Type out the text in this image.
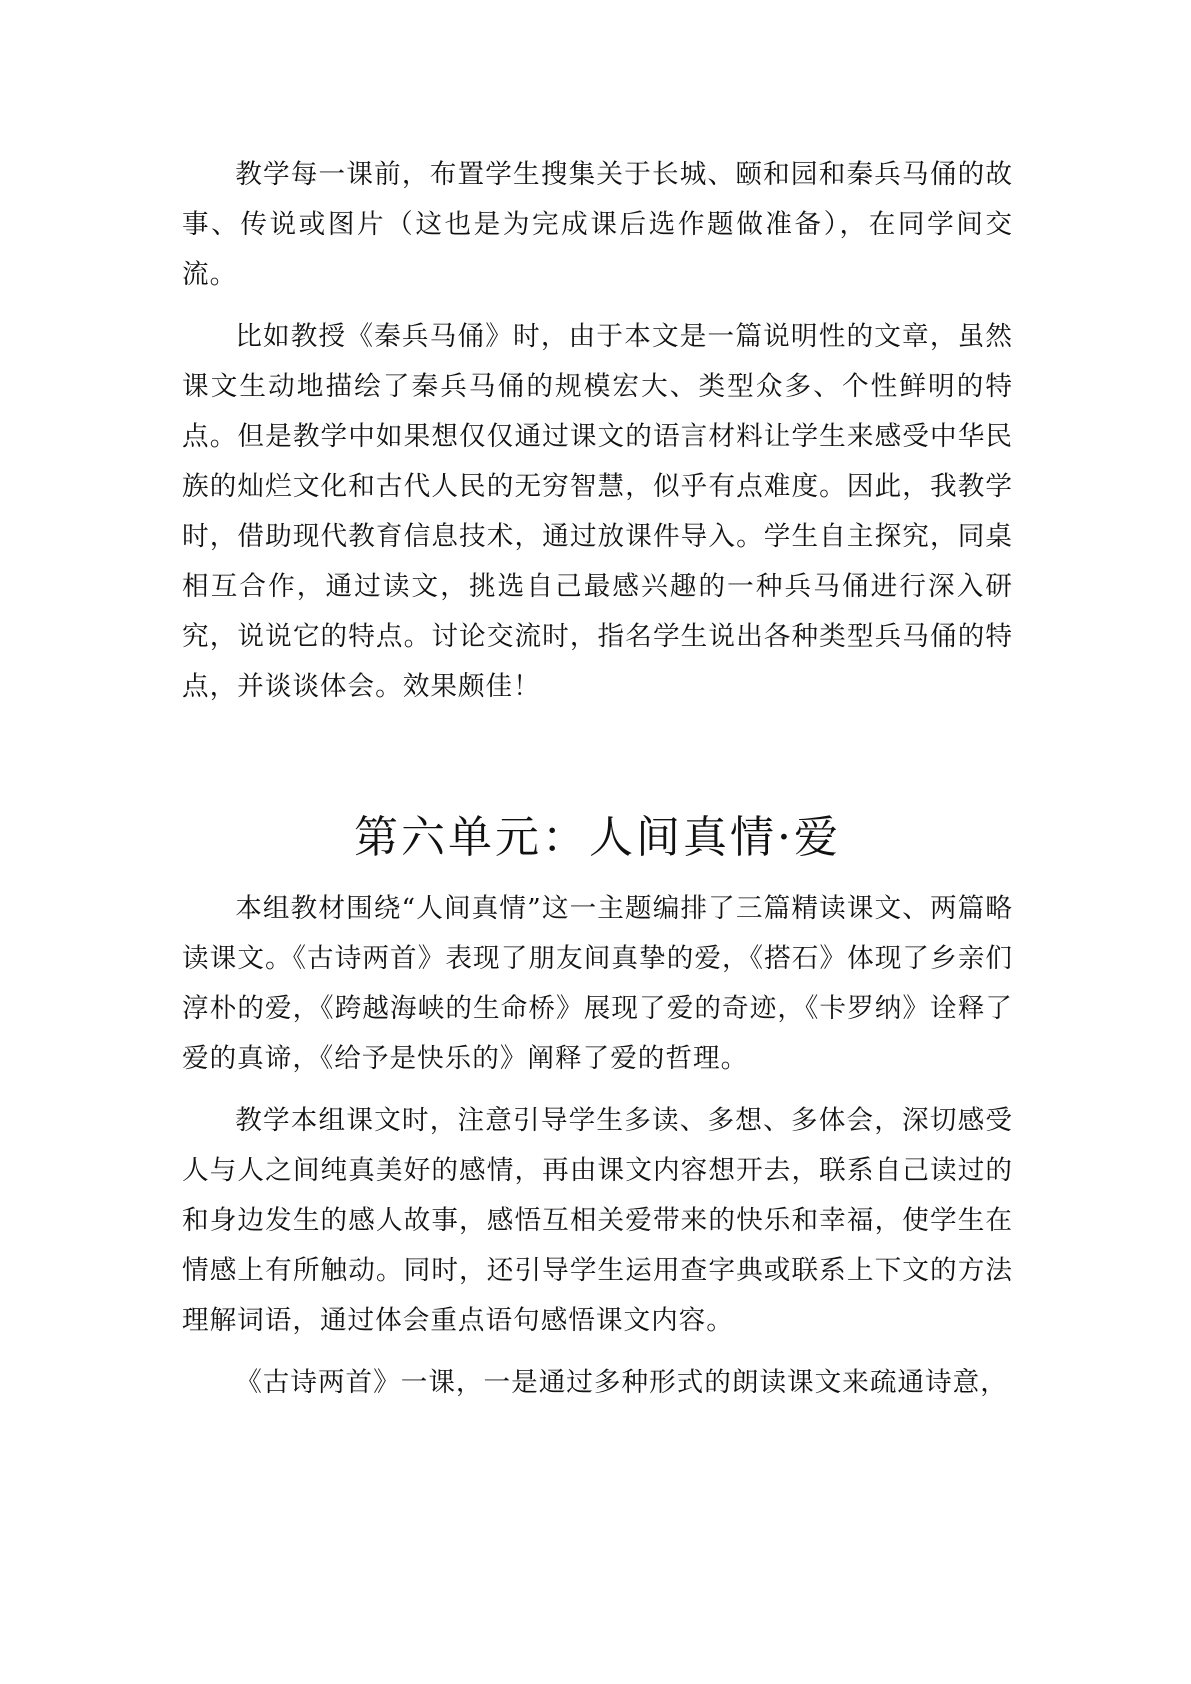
教学每一课前，布置学生搜集关于长城、颐和园和秦兵马俑的故事、传说或图片（这也是为完成课后选作题做准备），在同学间交流。

比如教授《秦兵马俑》时，由于本文是一篇说明性的文章，虽然课文生动地描绘了秦兵马俑的规模宏大、类型众多、个性鲜明的特点。但是教学中如果想仅仅通过课文的语言材料让学生来感受中华民族的灿烂文化和古代人民的无穷智慧，似乎有点难度。因此，我教学时，借助现代教育信息技术，通过放课件导入。学生自主探究，同桌相互合作，通过读文，挑选自己最感兴趣的一种兵马俑进行深入研究，说说它的特点。讨论交流时，指名学生说出各种类型兵马俑的特点，并谈谈体会。效果颇佳！

第六单元：人间真情·爱

本组教材围绕“人间真情”这一主题编排了三篇精读课文、两篇略读课文。《古诗两首》表现了朋友间真挚的爱，《搭石》体现了乡亲们淳朴的爱，《跨越海峡的生命桥》展现了爱的奇迹，《卡罗纳》诠释了爱的真谛，《给予是快乐的》阐释了爱的哲理。

教学本组课文时，注意引导学生多读、多想、多体会，深切感受人与人之间纯真美好的感情，再由课文内容想开去，联系自己读过的和身边发生的感人故事，感悟互相关爱带来的快乐和幸福，使学生在情感上有所触动。同时，还引导学生运用查字典或联系上下文的方法理解词语，通过体会重点语句感悟课文内容。

《古诗两首》一课，一是通过多种形式的朗读课文来疏通诗意，
